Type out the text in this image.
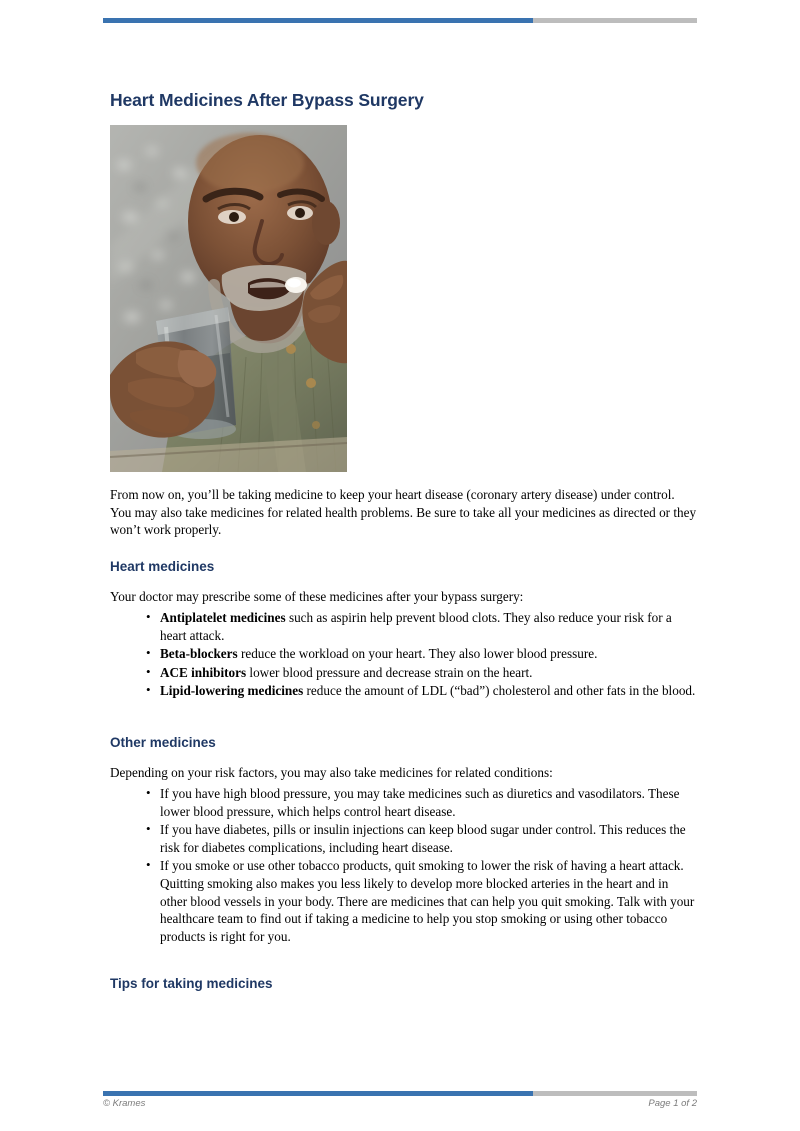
Heart Medicines After Bypass Surgery

From now on, you’ll be taking medicine to keep your heart disease (coronary artery disease) under control. You may also take medicines for related health problems. Be sure to take all your medicines as directed or they won’t work properly.

Heart medicines

Your doctor may prescribe some of these medicines after your bypass surgery:

• Antiplatelet medicines such as aspirin help prevent blood clots. They also reduce your risk for a heart attack.
• Beta-blockers reduce the workload on your heart. They also lower blood pressure.
• ACE inhibitors lower blood pressure and decrease strain on the heart.
• Lipid-lowering medicines reduce the amount of LDL (“bad”) cholesterol and other fats in the blood.
Other medicines

Depending on your risk factors, you may also take medicines for related conditions:

• If you have high blood pressure, you may take medicines such as diuretics and vasodilators. These lower blood pressure, which helps control heart disease.
• If you have diabetes, pills or insulin injections can keep blood sugar under control. This reduces the risk for diabetes complications, including heart disease.
• If you smoke or use other tobacco products, quit smoking to lower the risk of having a heart attack. Quitting smoking also makes you less likely to develop more blocked arteries in the heart and in other blood vessels in your body. There are medicines that can help you quit smoking. Talk with your healthcare team to find out if taking a medicine to help you stop smoking or using other tobacco products is right for you.
Tips for taking medicines
© Krames	Page 1 of 2
